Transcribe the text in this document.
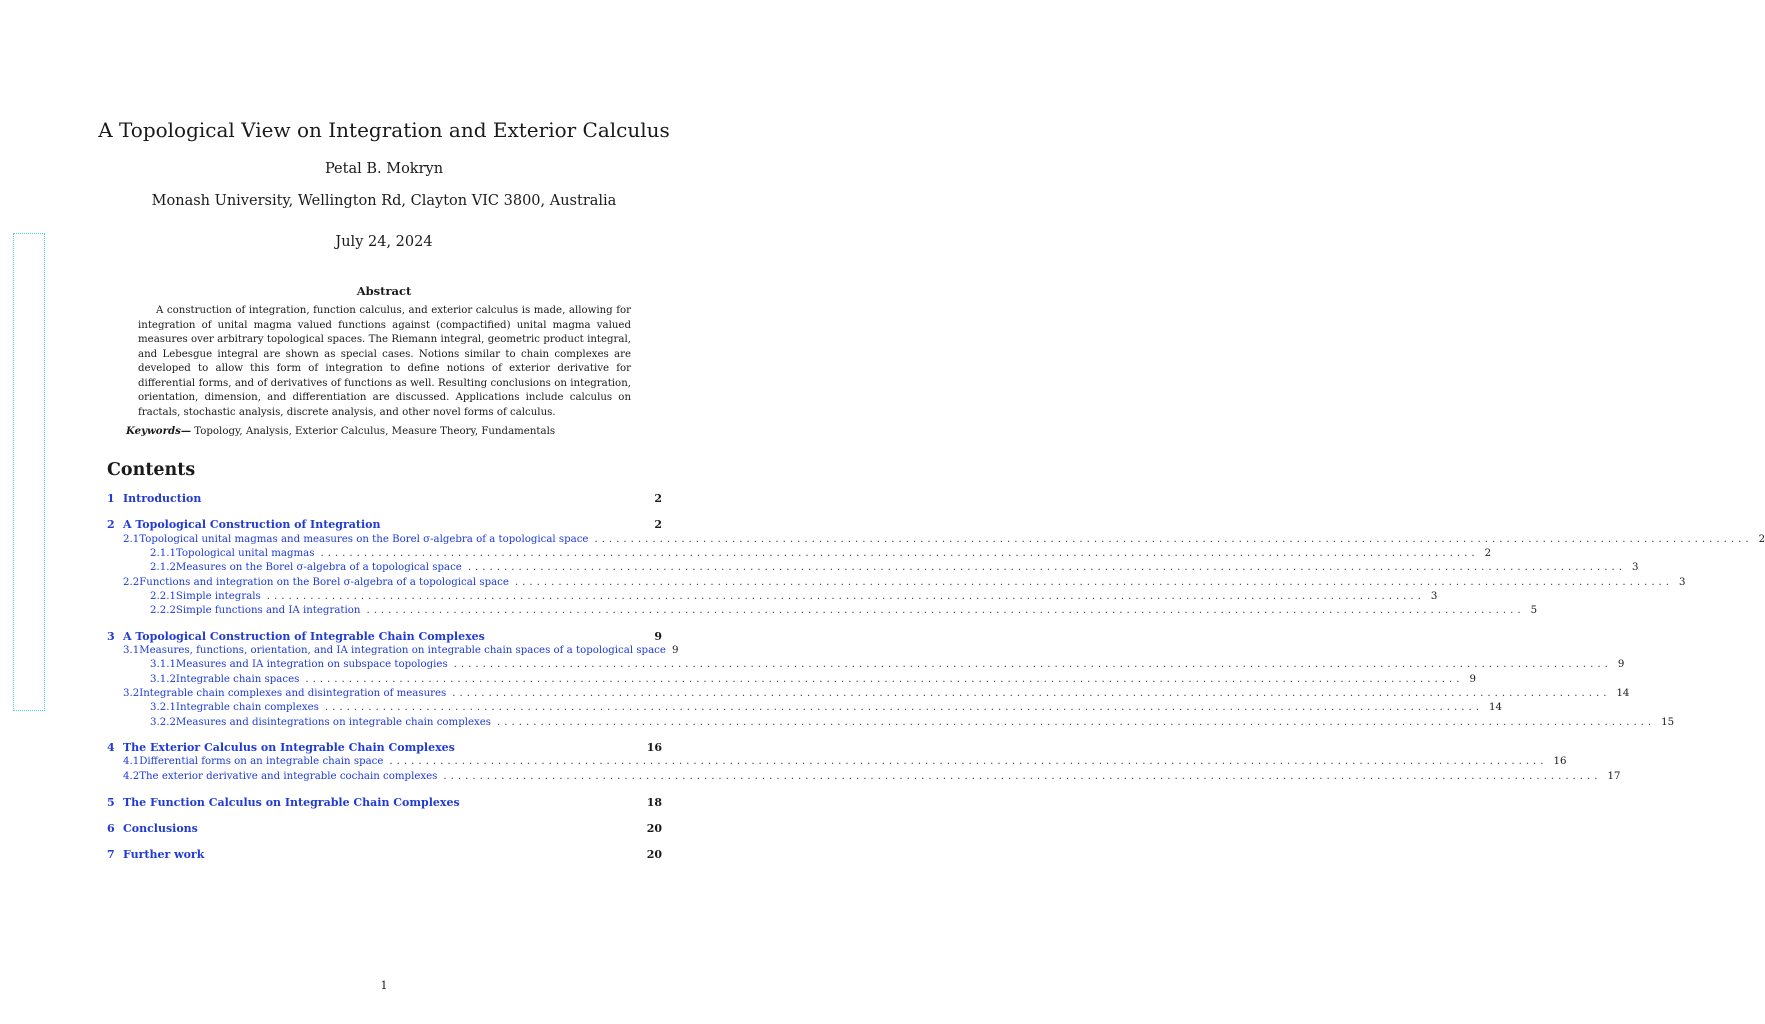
A Topological View on Integration and Exterior Calculus
Petal B. Mokryn
Monash University, Wellington Rd, Clayton VIC 3800, Australia
July 24, 2024
Abstract
A construction of integration, function calculus, and exterior calculus is made, allowing for integration of unital magma valued functions against (compactified) unital magma valued measures over arbitrary topological spaces. The Riemann integral, geometric product integral, and Lebesgue integral are shown as special cases. Notions similar to chain complexes are developed to allow this form of integration to define notions of exterior derivative for differential forms, and of derivatives of functions as well. Resulting conclusions on integration, orientation, dimension, and differentiation are discussed. Applications include calculus on fractals, stochastic analysis, discrete analysis, and other novel forms of calculus.
Keywords— Topology, Analysis, Exterior Calculus, Measure Theory, Fundamentals
Contents
1 Introduction	2
2 A Topological Construction of Integration	2
2.1 Topological unital magmas and measures on the Borel σ-algebra of a topological space ................................................................................................................................................................ 2
2.1.1 Topological unital magmas ................................................................................................................................................................ 2
2.1.2 Measures on the Borel σ-algebra of a topological space ................................................................................................................................................................ 3
2.2 Functions and integration on the Borel σ-algebra of a topological space ................................................................................................................................................................ 3
2.2.1 Simple integrals ................................................................................................................................................................ 3
2.2.2 Simple functions and IA integration ................................................................................................................................................................ 5
3 A Topological Construction of Integrable Chain Complexes	9
3.1 Measures, functions, orientation, and IA integration on integrable chain spaces of a topological space 9
3.1.1 Measures and IA integration on subspace topologies ................................................................................................................................................................ 9
3.1.2 Integrable chain spaces ................................................................................................................................................................ 9
3.2 Integrable chain complexes and disintegration of measures ................................................................................................................................................................ 14
3.2.1 Integrable chain complexes ................................................................................................................................................................ 14
3.2.2 Measures and disintegrations on integrable chain complexes ................................................................................................................................................................ 15
4 The Exterior Calculus on Integrable Chain Complexes	16
4.1 Differential forms on an integrable chain space ................................................................................................................................................................ 16
4.2 The exterior derivative and integrable cochain complexes ................................................................................................................................................................ 17
5 The Function Calculus on Integrable Chain Complexes	18
6 Conclusions	20
7 Further work	20
1
